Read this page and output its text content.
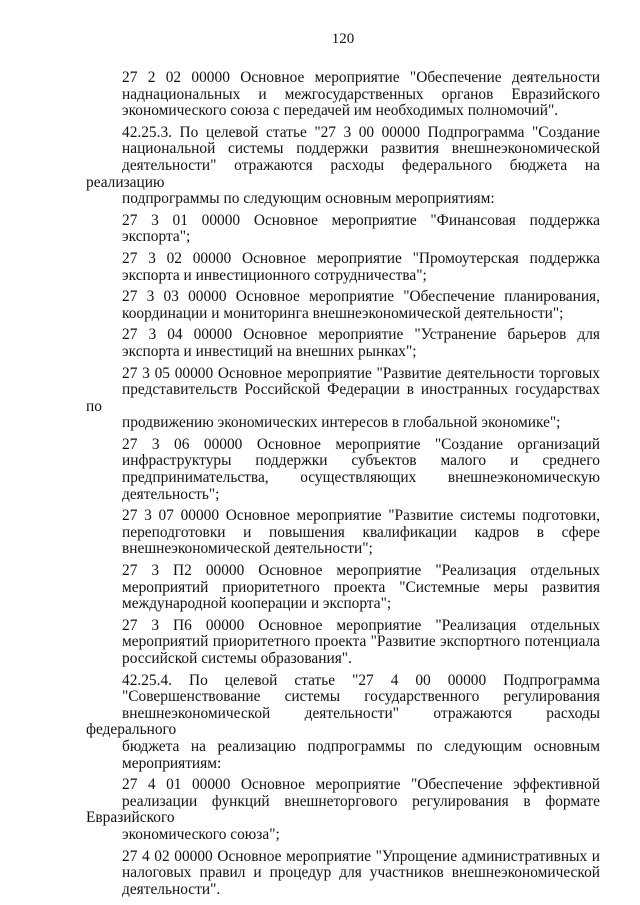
120
27 2 02 00000 Основное мероприятие "Обеспечение деятельности
наднациональных и межгосударственных органов Евразийского
экономического союза с передачей им необходимых полномочий".
42.25.3. По целевой статье "27 3 00 00000 Подпрограмма "Создание
национальной системы поддержки развития внешнеэкономической
деятельности" отражаются расходы федерального бюджета на реализацию
подпрограммы по следующим основным мероприятиям:
27 3 01 00000 Основное мероприятие "Финансовая поддержка
экспорта";
27 3 02 00000 Основное мероприятие "Промоутерская поддержка
экспорта и инвестиционного сотрудничества";
27 3 03 00000 Основное мероприятие "Обеспечение планирования,
координации и мониторинга внешнеэкономической деятельности";
27 3 04 00000 Основное мероприятие "Устранение барьеров для
экспорта и инвестиций на внешних рынках";
27 3 05 00000 Основное мероприятие "Развитие деятельности торговых
представительств Российской Федерации в иностранных государствах по
продвижению экономических интересов в глобальной экономике";
27 3 06 00000 Основное мероприятие "Создание организаций
инфраструктуры поддержки субъектов малого и среднего
предпринимательства, осуществляющих внешнеэкономическую
деятельность";
27 3 07 00000 Основное мероприятие "Развитие системы подготовки,
переподготовки и повышения квалификации кадров в сфере
внешнеэкономической деятельности";
27 3 П2 00000 Основное мероприятие "Реализация отдельных
мероприятий приоритетного проекта "Системные меры развития
международной кооперации и экспорта";
27 3 П6 00000 Основное мероприятие "Реализация отдельных
мероприятий приоритетного проекта "Развитие экспортного потенциала
российской системы образования".
42.25.4. По целевой статье "27 4 00 00000 Подпрограмма
"Совершенствование системы государственного регулирования
внешнеэкономической деятельности" отражаются расходы федерального
бюджета на реализацию подпрограммы по следующим основным
мероприятиям:
27 4 01 00000 Основное мероприятие "Обеспечение эффективной
реализации функций внешнеторгового регулирования в формате Евразийского
экономического союза";
27 4 02 00000 Основное мероприятие "Упрощение административных и
налоговых правил и процедур для участников внешнеэкономической
деятельности".
